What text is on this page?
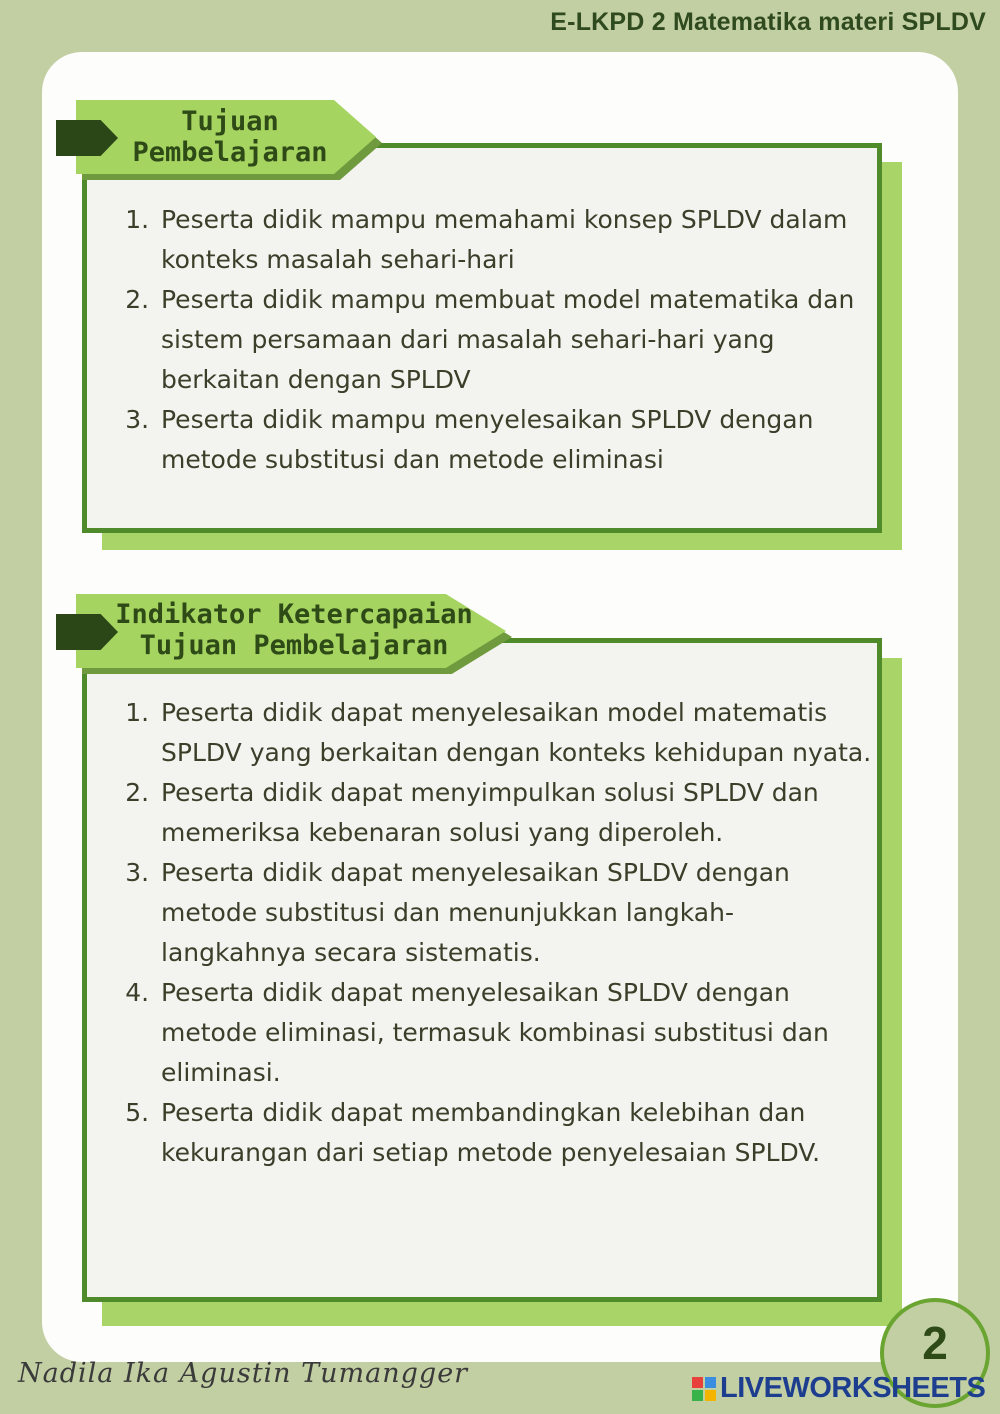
E-LKPD 2 Matematika materi SPLDV
1. Peserta didik mampu memahami konsep SPLDV dalam konteks masalah sehari-hari
2. Peserta didik mampu membuat model matematika dan sistem persamaan dari masalah sehari-hari yang berkaitan dengan SPLDV
3. Peserta didik mampu menyelesaikan SPLDV dengan metode substitusi dan metode eliminasi
Tujuan
Pembelajaran
1. Peserta didik dapat menyelesaikan model matematis SPLDV yang berkaitan dengan konteks kehidupan nyata.
2. Peserta didik dapat menyimpulkan solusi SPLDV dan memeriksa kebenaran solusi yang diperoleh.
3. Peserta didik dapat menyelesaikan SPLDV dengan metode substitusi dan menunjukkan langkah-langkahnya secara sistematis.
4. Peserta didik dapat menyelesaikan SPLDV dengan metode eliminasi, termasuk kombinasi substitusi dan eliminasi.
5. Peserta didik dapat membandingkan kelebihan dan kekurangan dari setiap metode penyelesaian SPLDV.
Indikator Ketercapaian
Tujuan Pembelajaran
Nadila Ika Agustin Tumangger
2
LIVEWORKSHEETS
